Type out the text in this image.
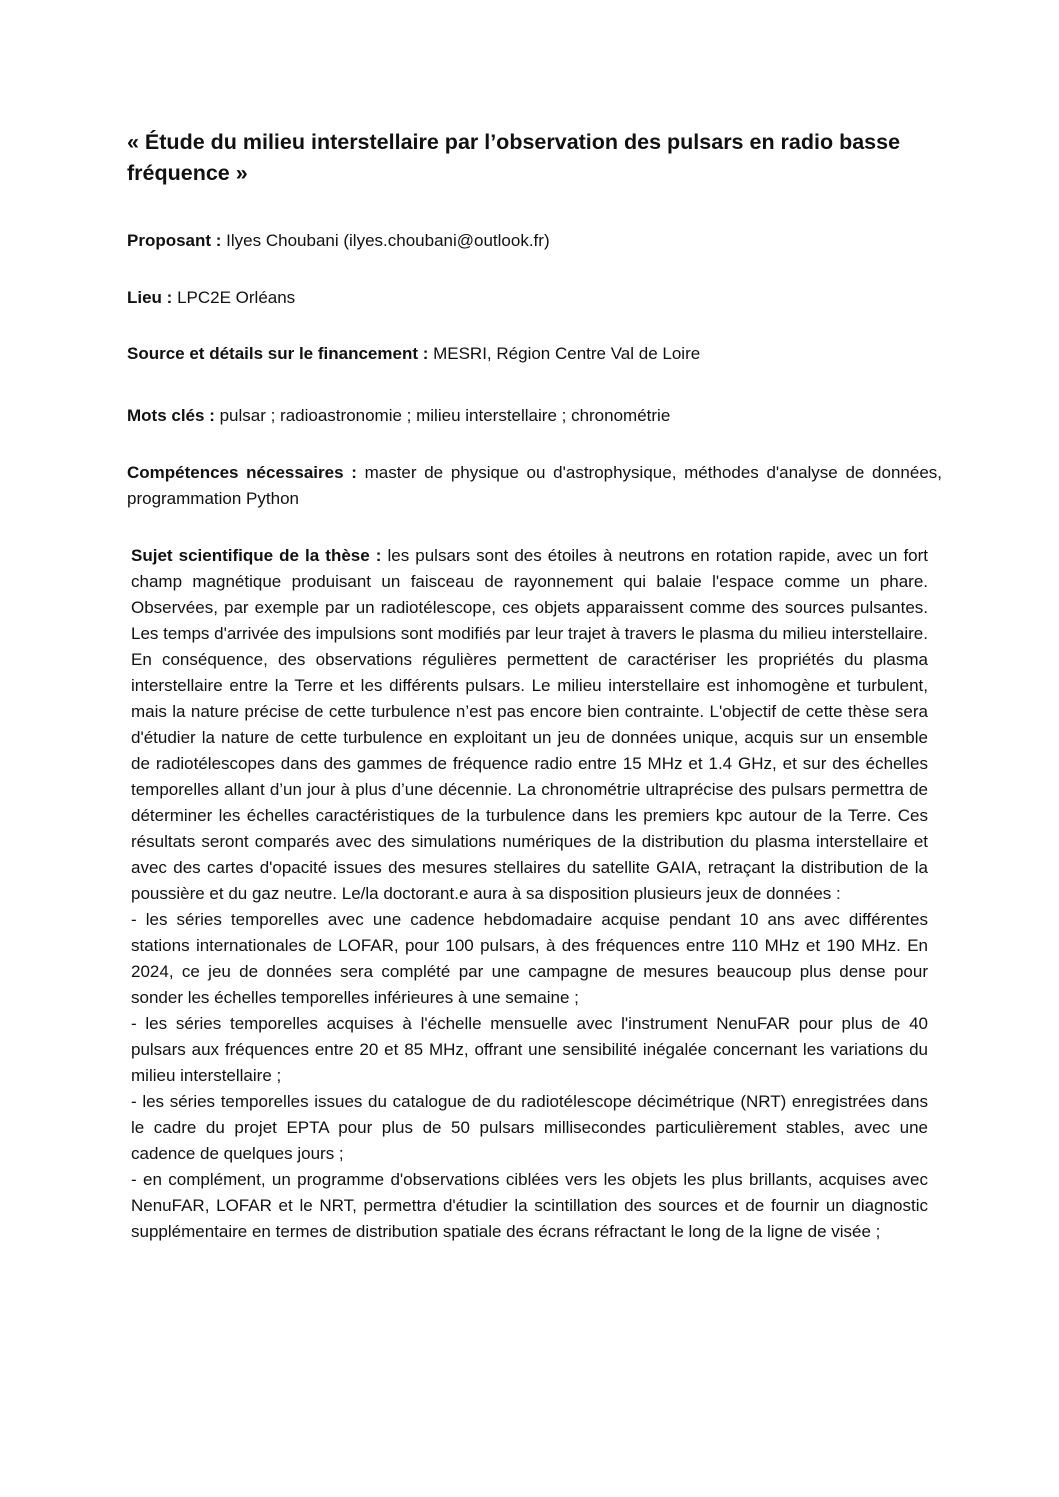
« Étude du milieu interstellaire par l’observation des pulsars en radio basse fréquence »

Proposant : Ilyes Choubani (ilyes.choubani@outlook.fr)

Lieu : LPC2E Orléans

Source et détails sur le financement : MESRI, Région Centre Val de Loire

Mots clés : pulsar ; radioastronomie ; milieu interstellaire ; chronométrie

Compétences nécessaires : master de physique ou d'astrophysique, méthodes d'analyse de données, programmation Python

Sujet scientifique de la thèse : les pulsars sont des étoiles à neutrons en rotation rapide, avec un fort champ magnétique produisant un faisceau de rayonnement qui balaie l'espace comme un phare. Observées, par exemple par un radiotélescope, ces objets apparaissent comme des sources pulsantes. Les temps d'arrivée des impulsions sont modifiés par leur trajet à travers le plasma du milieu interstellaire. En conséquence, des observations régulières permettent de caractériser les propriétés du plasma interstellaire entre la Terre et les différents pulsars. Le milieu interstellaire est inhomogène et turbulent, mais la nature précise de cette turbulence n’est pas encore bien contrainte. L'objectif de cette thèse sera d'étudier la nature de cette turbulence en exploitant un jeu de données unique, acquis sur un ensemble de radiotélescopes dans des gammes de fréquence radio entre 15 MHz et 1.4 GHz, et sur des échelles temporelles allant d’un jour à plus d’une décennie. La chronométrie ultraprécise des pulsars permettra de déterminer les échelles caractéristiques de la turbulence dans les premiers kpc autour de la Terre. Ces résultats seront comparés avec des simulations numériques de la distribution du plasma interstellaire et avec des cartes d'opacité issues des mesures stellaires du satellite GAIA, retraçant la distribution de la poussière et du gaz neutre. Le/la doctorant.e aura à sa disposition plusieurs jeux de données :

- les séries temporelles avec une cadence hebdomadaire acquise pendant 10 ans avec différentes stations internationales de LOFAR, pour 100 pulsars, à des fréquences entre 110 MHz et 190 MHz. En 2024, ce jeu de données sera complété par une campagne de mesures beaucoup plus dense pour sonder les échelles temporelles inférieures à une semaine ;

- les séries temporelles acquises à l'échelle mensuelle avec l'instrument NenuFAR pour plus de 40 pulsars aux fréquences entre 20 et 85 MHz, offrant une sensibilité inégalée concernant les variations du milieu interstellaire ;

- les séries temporelles issues du catalogue de du radiotélescope décimétrique (NRT) enregistrées dans le cadre du projet EPTA pour plus de 50 pulsars millisecondes particulièrement stables, avec une cadence de quelques jours ;

- en complément, un programme d'observations ciblées vers les objets les plus brillants, acquises avec NenuFAR, LOFAR et le NRT, permettra d'étudier la scintillation des sources et de fournir un diagnostic supplémentaire en termes de distribution spatiale des écrans réfractant le long de la ligne de visée ;
